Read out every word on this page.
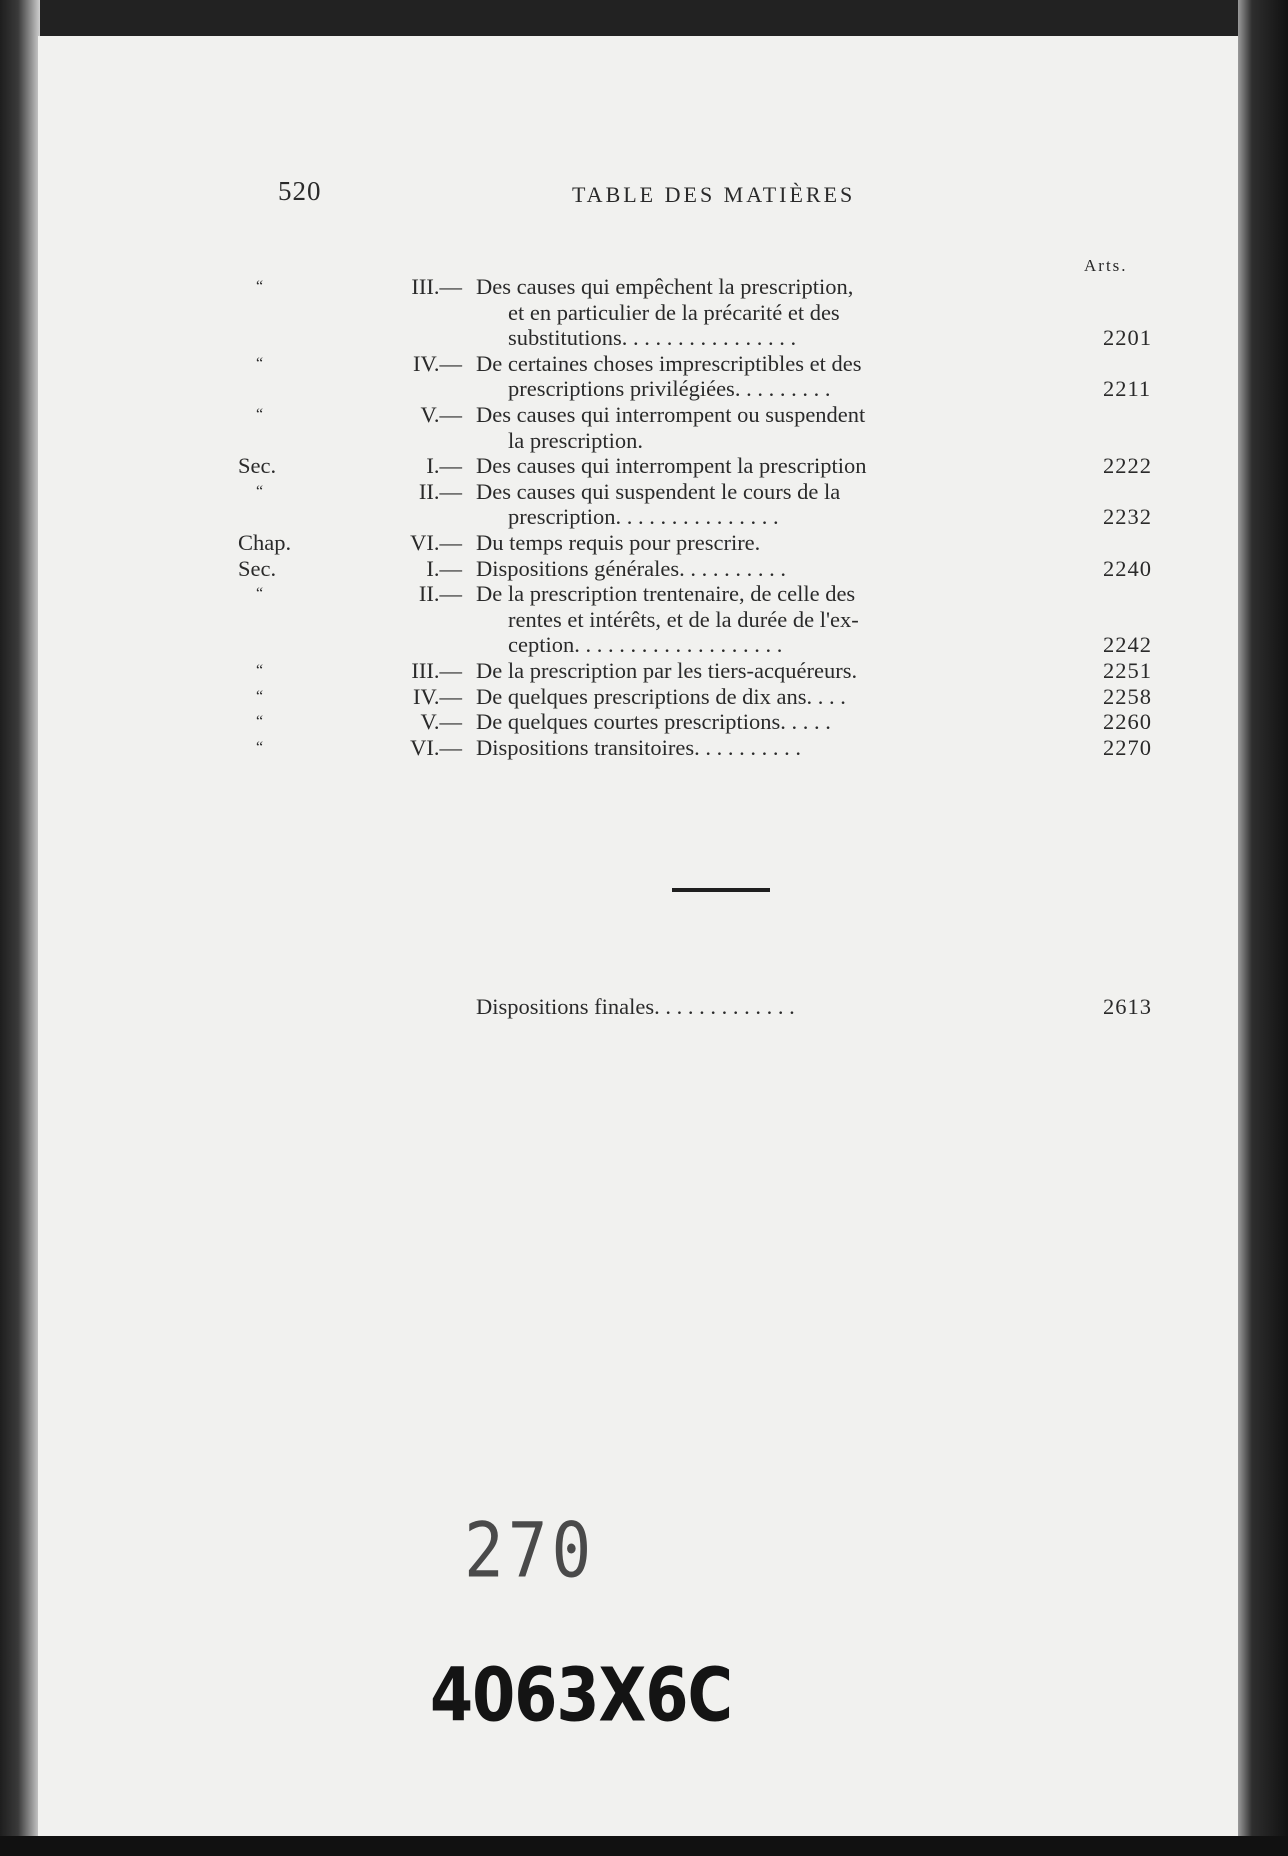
520	TABLE DES MATIÈRES
Arts.
“	III.— Des causes qui empêchent la prescription,
et en particulier de la précarité et des
substitutions. . . . . . . . . . . . . . . .	2201
“	IV.— De certaines choses imprescriptibles et des
prescriptions privilégiées. . . . . . . . .	2211
“	V.— Des causes qui interrompent ou suspendent
la prescription.
Sec.	I.— Des causes qui interrompent la prescription	2222
“	II.— Des causes qui suspendent le cours de la
prescription. . . . . . . . . . . . . . .	2232
Chap.	VI.— Du temps requis pour prescrire.
Sec.	I.— Dispositions générales. . . . . . . . . .	2240
“	II.— De la prescription trentenaire, de celle des
rentes et intérêts, et de la durée de l'ex-
ception. . . . . . . . . . . . . . . . . . .	2242
“	III.— De la prescription par les tiers-acquéreurs.	2251
“	IV.— De quelques prescriptions de dix ans. . . .	2258
“	V.— De quelques courtes prescriptions. . . . .	2260
“	VI.— Dispositions transitoires. . . . . . . . . .	2270
Dispositions finales. . . . . . . . . . . . .	2613
270
4063X6C
